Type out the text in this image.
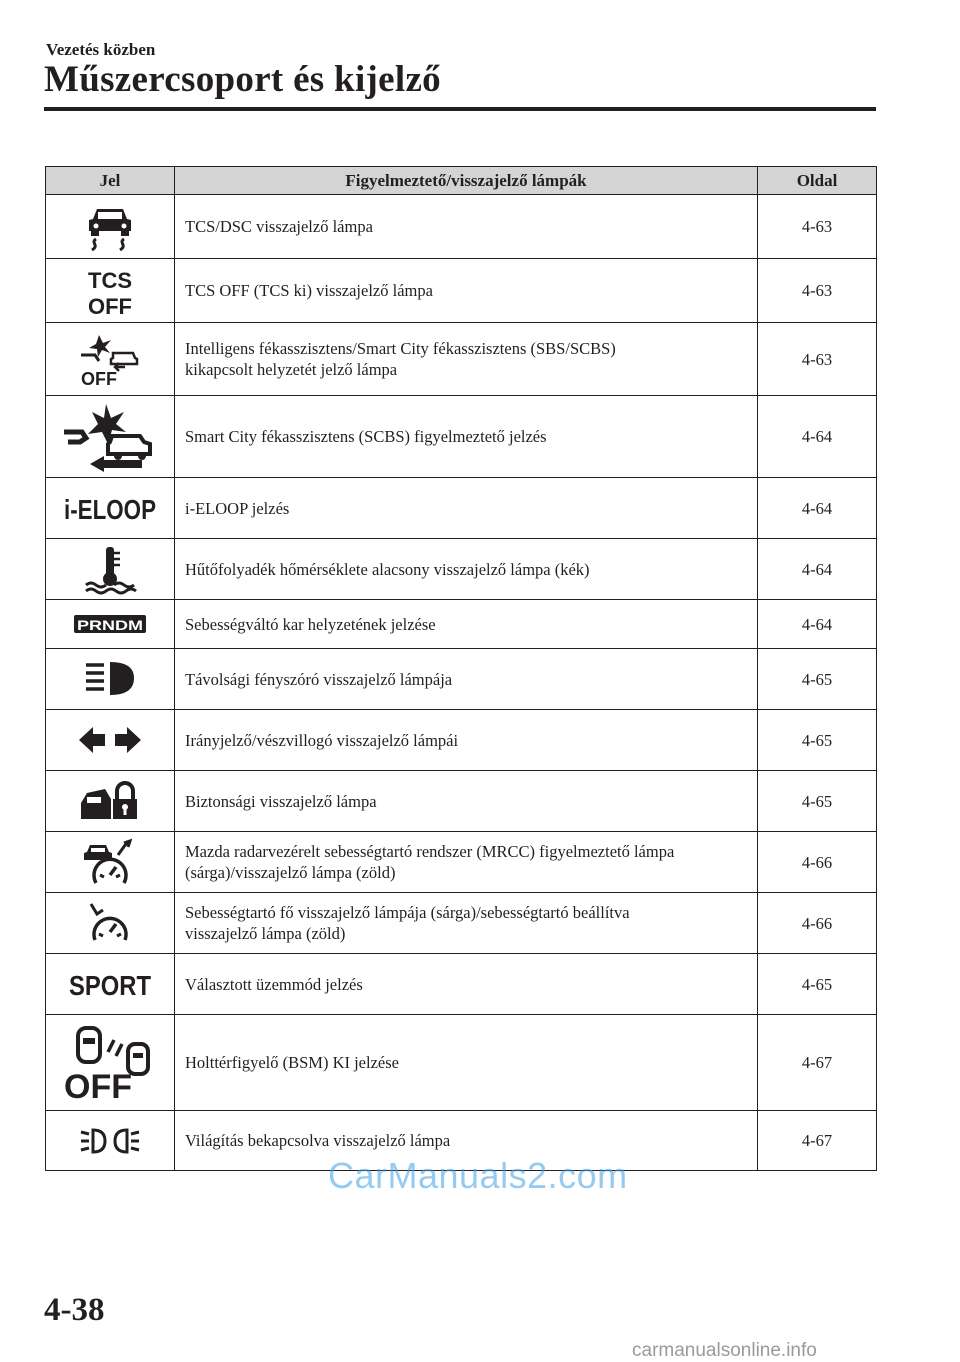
Vezetés közben
Műszercsoport és kijelző
Jel	Figyelmeztető/visszajelző lámpák	Oldal

	TCS/DSC visszajelző lámpa	4-63

TCS
OFF	TCS OFF (TCS ki) visszajelző lámpa	4-63

OFF	Intelligens fékasszisztens/Smart City fékasszisztens (SBS/SCBS)
kikapcsolt helyzetét jelző lámpa	4-63

	Smart City fékasszisztens (SCBS) figyelmeztető jelzés	4-64

i-ELOOP	i-ELOOP jelzés	4-64

	Hűtőfolyadék hőmérséklete alacsony visszajelző lámpa (kék)	4-64

PRNDM	Sebességváltó kar helyzetének jelzése	4-64

	Távolsági fényszóró visszajelző lámpája	4-65

	Irányjelző/vészvillogó visszajelző lámpái	4-65

	Biztonsági visszajelző lámpa	4-65

Mazda radarvezérelt sebességtartó rendszer (MRCC) figyelmeztető lámpa
(sárga)/visszajelző lámpa (zöld)	4-66

Sebességtartó fő visszajelző lámpája (sárga)/sebességtartó beállítva
visszajelző lámpa (zöld)	4-66

SPORT	Választott üzemmód jelzés	4-65

OFF	Holttérfigyelő (BSM) KI jelzése	4-67

	Világítás bekapcsolva visszajelző lámpa	4-67
CarManuals2.com
4-38
carmanualsonline.info
